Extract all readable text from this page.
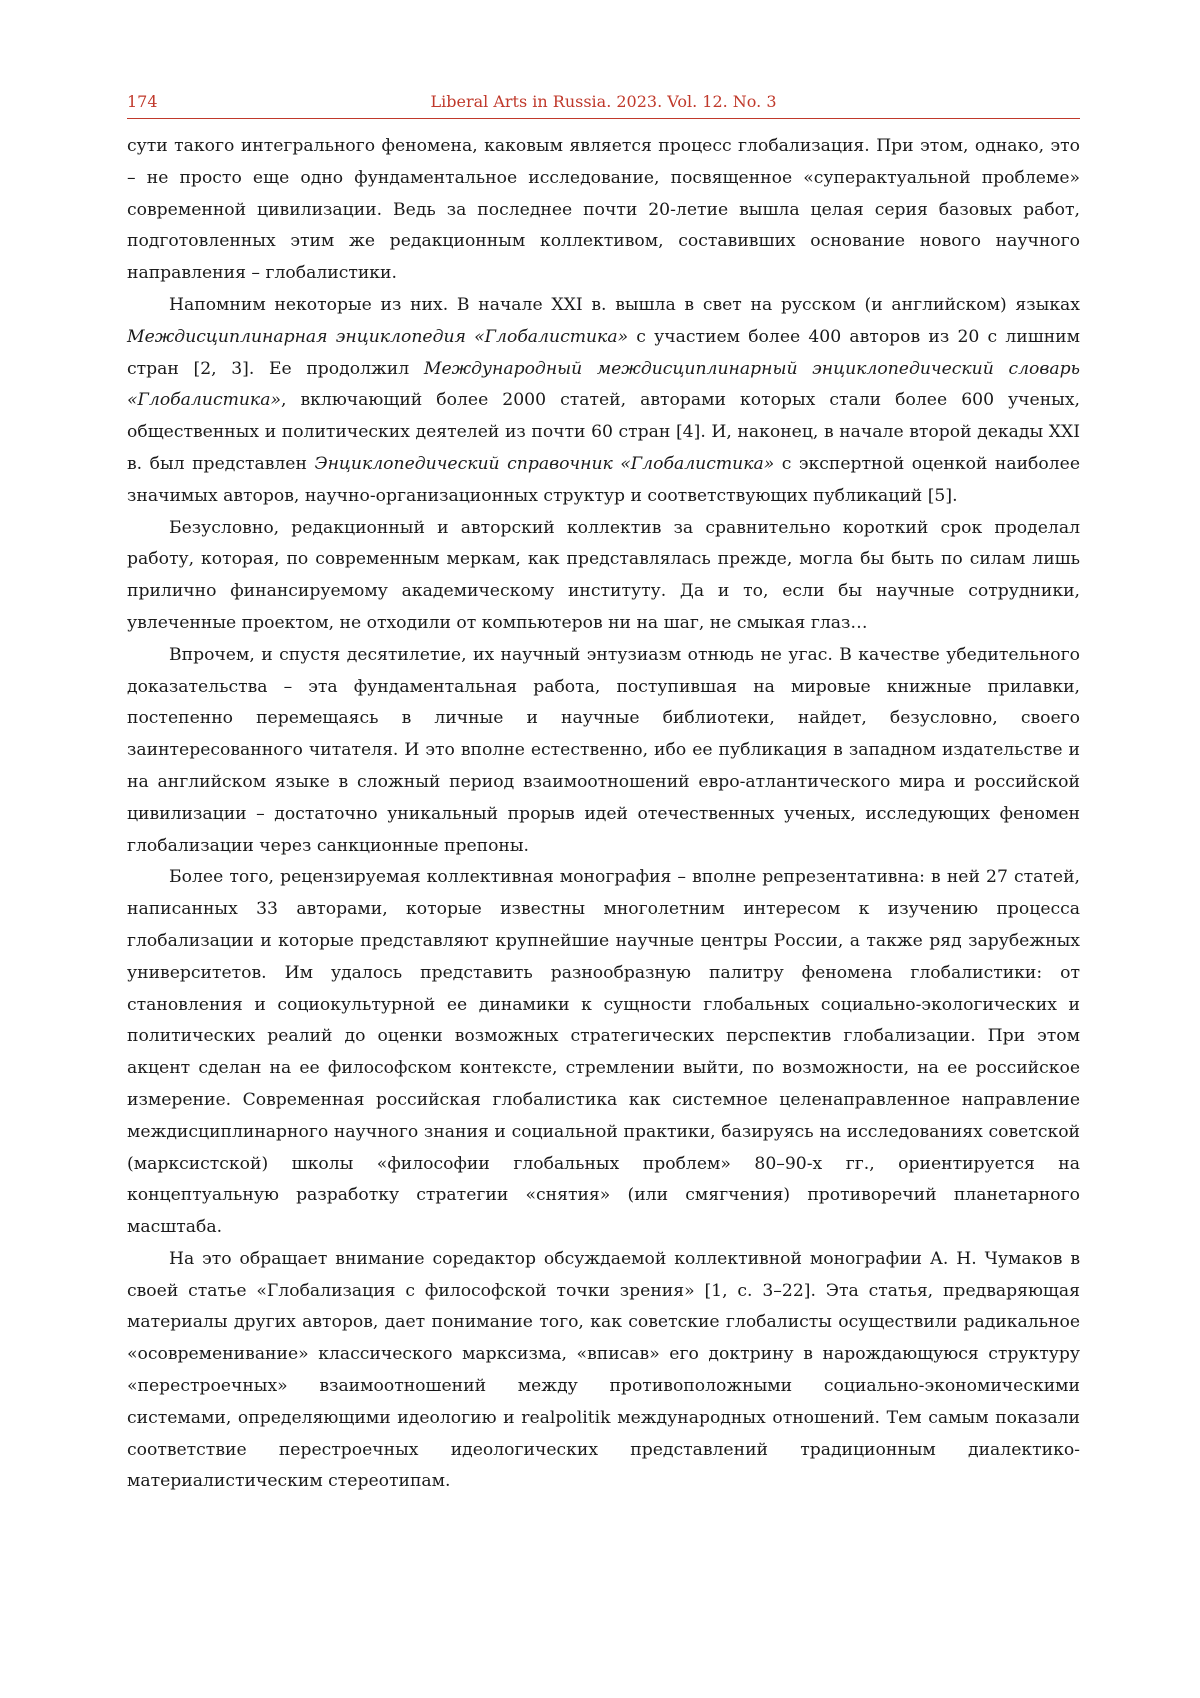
174	Liberal Arts in Russia. 2023. Vol. 12. No. 3

сути такого интегрального феномена, каковым является процесс глобализация. При этом, однако, это – не просто еще одно фундаментальное исследование, посвященное «суперактуальной проблеме» современной цивилизации. Ведь за последнее почти 20-летие вышла целая серия базовых работ, подготовленных этим же редакционным коллективом, составивших основание нового научного направления – глобалистики.

Напомним некоторые из них. В начале XXI в. вышла в свет на русском (и английском) языках Междисциплинарная энциклопедия «Глобалистика» с участием более 400 авторов из 20 с лишним стран [2, 3]. Ее продолжил Международный междисциплинарный энциклопедический словарь «Глобалистика», включающий более 2000 статей, авторами которых стали более 600 ученых, общественных и политических деятелей из почти 60 стран [4]. И, наконец, в начале второй декады XXI в. был представлен Энциклопедический справочник «Глобалистика» с экспертной оценкой наиболее значимых авторов, научно-организационных структур и соответствующих публикаций [5].

Безусловно, редакционный и авторский коллектив за сравнительно короткий срок проделал работу, которая, по современным меркам, как представлялась прежде, могла бы быть по силам лишь прилично финансируемому академическому институту. Да и то, если бы научные сотрудники, увлеченные проектом, не отходили от компьютеров ни на шаг, не смыкая глаз…

Впрочем, и спустя десятилетие, их научный энтузиазм отнюдь не угас. В качестве убедительного доказательства – эта фундаментальная работа, поступившая на мировые книжные прилавки, постепенно перемещаясь в личные и научные библиотеки, найдет, безусловно, своего заинтересованного читателя. И это вполне естественно, ибо ее публикация в западном издательстве и на английском языке в сложный период взаимоотношений евро-атлантического мира и российской цивилизации – достаточно уникальный прорыв идей отечественных ученых, исследующих феномен глобализации через санкционные препоны.

Более того, рецензируемая коллективная монография – вполне репрезентативна: в ней 27 статей, написанных 33 авторами, которые известны многолетним интересом к изучению процесса глобализации и которые представляют крупнейшие научные центры России, а также ряд зарубежных университетов. Им удалось представить разнообразную палитру феномена глобалистики: от становления и социокультурной ее динамики к сущности глобальных социально-экологических и политических реалий до оценки возможных стратегических перспектив глобализации. При этом акцент сделан на ее философском контексте, стремлении выйти, по возможности, на ее российское измерение. Современная российская глобалистика как системное целенаправленное направление междисциплинарного научного знания и социальной практики, базируясь на исследованиях советской (марксистской) школы «философии глобальных проблем» 80–90-х гг., ориентируется на концептуальную разработку стратегии «снятия» (или смягчения) противоречий планетарного масштаба.

На это обращает внимание соредактор обсуждаемой коллективной монографии А. Н. Чумаков в своей статье «Глобализация с философской точки зрения» [1, с. 3–22]. Эта статья, предваряющая материалы других авторов, дает понимание того, как советские глобалисты осуществили радикальное «осовременивание» классического марксизма, «вписав» его доктрину в нарождающуюся структуру «перестроечных» взаимоотношений между противоположными социально-экономическими системами, определяющими идеологию и realpolitik международных отношений. Тем самым показали соответствие перестроечных идеологических представлений традиционным диалектико-материалистическим стереотипам.
